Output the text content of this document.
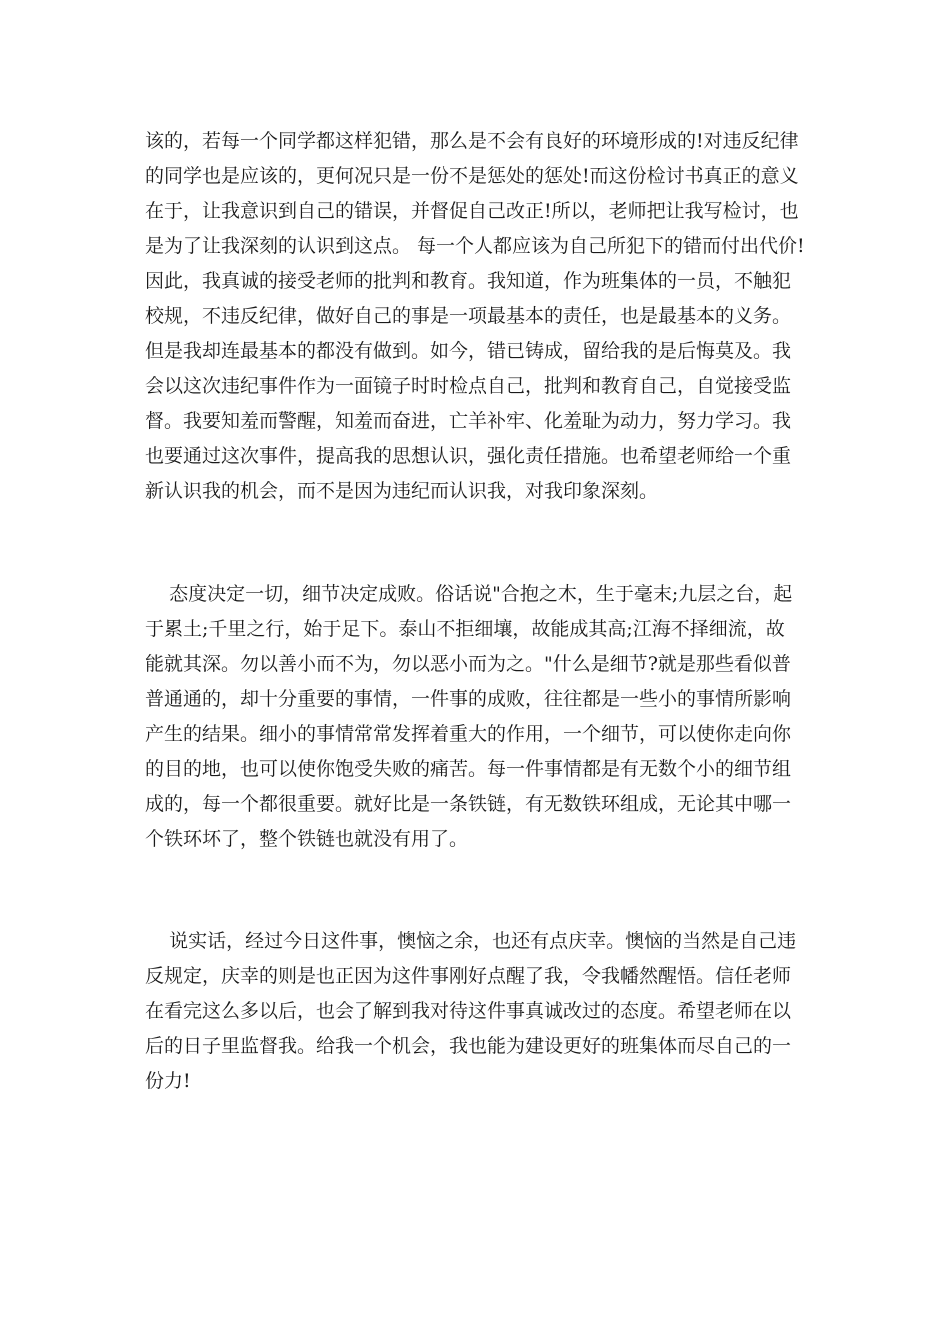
该的，若每一个同学都这样犯错，那么是不会有良好的环境形成的!对违反纪律
的同学也是应该的，更何况只是一份不是惩处的惩处!而这份检讨书真正的意义
在于，让我意识到自己的错误，并督促自己改正!所以，老师把让我写检讨，也
是为了让我深刻的认识到这点。 每一个人都应该为自己所犯下的错而付出代价!
因此，我真诚的接受老师的批判和教育。我知道，作为班集体的一员，不触犯
校规，不违反纪律，做好自己的事是一项最基本的责任，也是最基本的义务。
但是我却连最基本的都没有做到。如今，错已铸成，留给我的是后悔莫及。我
会以这次违纪事件作为一面镜子时时检点自己，批判和教育自己，自觉接受监
督。我要知羞而警醒，知羞而奋进，亡羊补牢、化羞耻为动力，努力学习。我
也要通过这次事件，提高我的思想认识，强化责任措施。也希望老师给一个重
新认识我的机会，而不是因为违纪而认识我，对我印象深刻。
态度决定一切，细节决定成败。俗话说"合抱之木，生于毫末;九层之台，起
于累土;千里之行，始于足下。泰山不拒细壤，故能成其高;江海不择细流，故
能就其深。勿以善小而不为，勿以恶小而为之。"什么是细节?就是那些看似普
普通通的，却十分重要的事情，一件事的成败，往往都是一些小的事情所影响
产生的结果。细小的事情常常发挥着重大的作用，一个细节，可以使你走向你
的目的地，也可以使你饱受失败的痛苦。每一件事情都是有无数个小的细节组
成的，每一个都很重要。就好比是一条铁链，有无数铁环组成，无论其中哪一
个铁环坏了，整个铁链也就没有用了。
说实话，经过今日这件事，懊恼之余，也还有点庆幸。懊恼的当然是自己违
反规定，庆幸的则是也正因为这件事刚好点醒了我，令我幡然醒悟。信任老师
在看完这么多以后，也会了解到我对待这件事真诚改过的态度。希望老师在以
后的日子里监督我。给我一个机会，我也能为建设更好的班集体而尽自己的一
份力!
